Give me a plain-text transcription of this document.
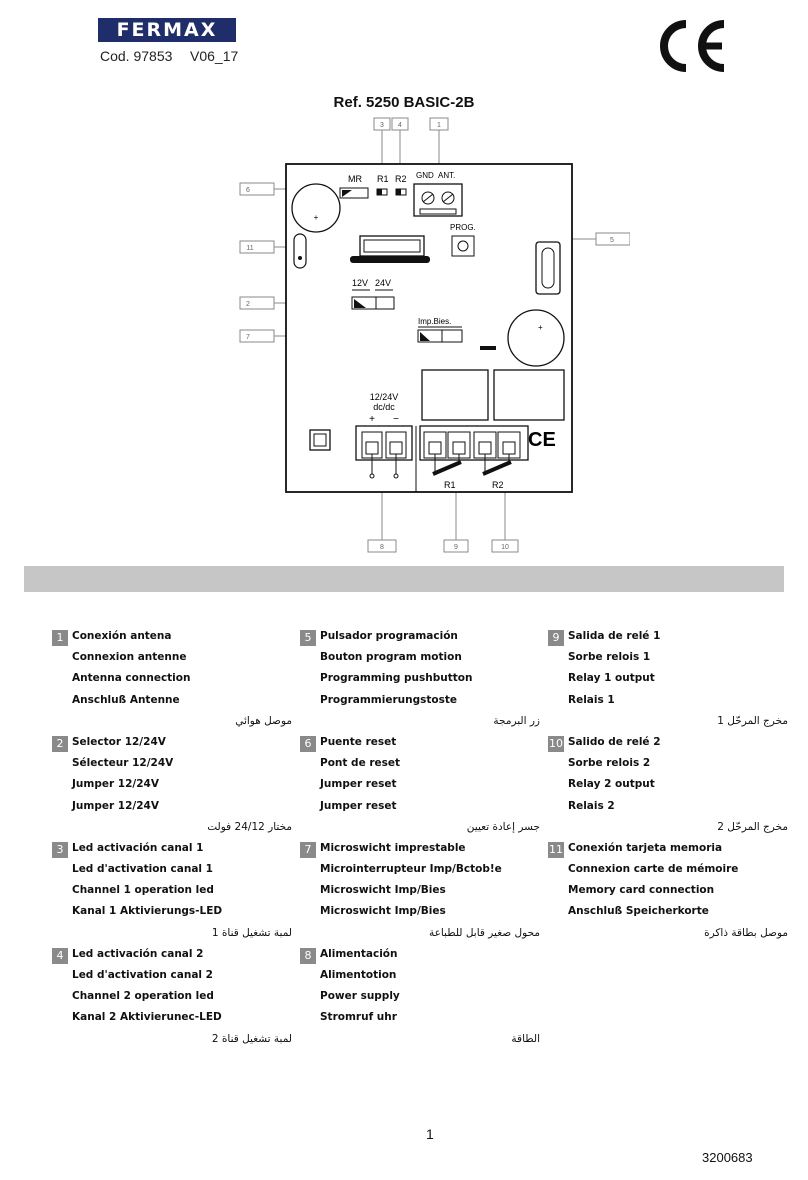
FERMAX
Cod. 97853 V06_17
Ref. 5250 BASIC-2B
3 4	1
6
11
2
7
5
8	9	10
+
MR R1 R2 GND ANT.
PROG.
12V 24V
Imp.Bies.
+
12/24V
dc/dc
+ −
R1	R2
CE
1 Conexión antena
Connexion antenne
Antenna connection
Anschluß Antenne
موصل هوائي
2 Selector 12/24V
Sélecteur 12/24V
Jumper 12/24V
Jumper 12/24V
مختار 24/12 فولت
3 Led activación canal 1
Led d'activation canal 1
Channel 1 operation led
Kanal 1 Aktivierungs-LED
لمبة تشغيل قناة 1
4 Led activación canal 2
Led d'activation canal 2
Channel 2 operation led
Kanal 2 Aktivierunec-LED
لمبة تشغيل قناة 2
5 Pulsador programación
Bouton program motion
Programming pushbutton
Programmierungstoste
زر البرمجة
6 Puente reset
Pont de reset
Jumper reset
Jumper reset
جسر إعادة تعيين
7 Microswicht imprestable
Microinterrupteur Imp/Bctob!e
Microswicht Imp/Bies
Microswicht Imp/Bies
محول صغير قابل للطباعة
8 Alimentación
Alimentotion
Power supply
Stromruf uhr
الطاقة
9 Salida de relé 1
Sorbe relois 1
Relay 1 output
Relais 1
مخرج المرحّل 1
10 Salido de relé 2
Sorbe relois 2
Relay 2 output
Relais 2
مخرج المرحّل 2
11 Conexión tarjeta memoria
Connexion carte de mémoire
Memory card connection
Anschluß Speicherkorte
موصل بطاقة ذاكرة
1
3200683
